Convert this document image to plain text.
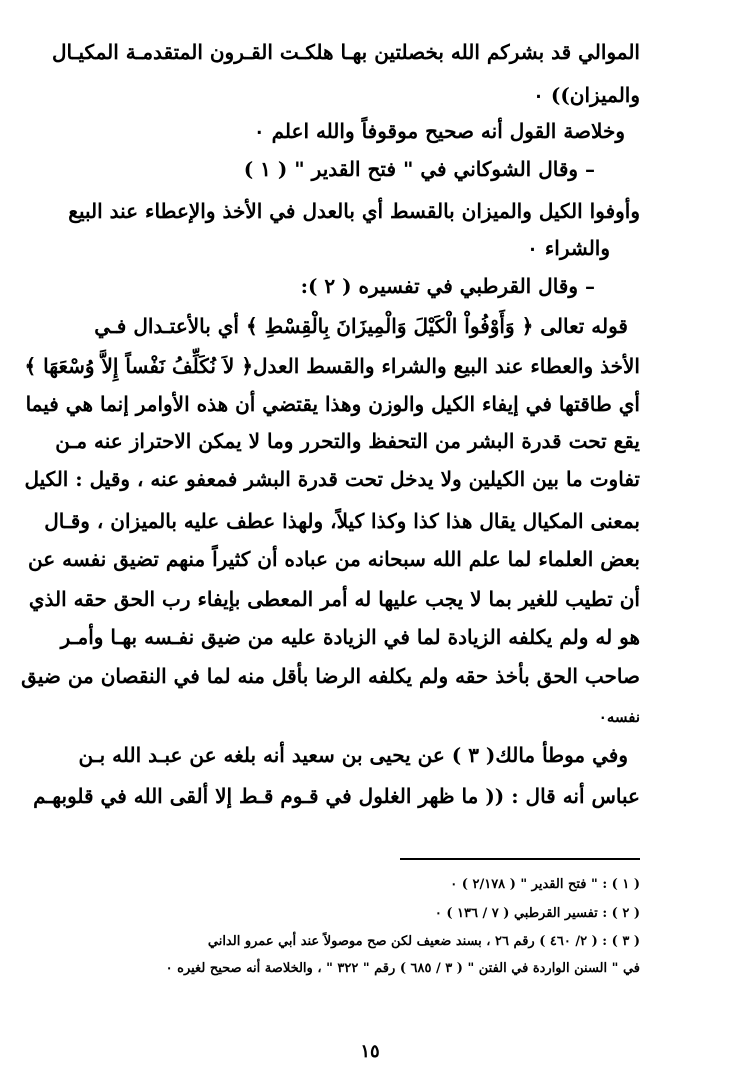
الموالي قد بشركم الله بخصلتين بهـا هلكـت القـرون المتقدمـة المكيـال
والميزان)) ٠
وخلاصة القول أنه صحيح موقوفاً والله اعلم ٠
– وقال الشوكاني في " فتح القدير " ( ١ )
وأوفوا الكيل والميزان بالقسط أي بالعدل في الأخذ والإعطاء عند البيع
والشراء ٠
– وقال القرطبي في تفسيره ( ٢ ):
قوله تعالى ﴿ وَأَوْفُواْ الْكَيْلَ وَالْمِيزَانَ بِالْقِسْطِ ﴾ أي بالأعتـدال فـي
الأخذ والعطاء عند البيع والشراء والقسط العدل﴿ لاَ نُكَلِّفُ نَفْساً إِلاَّ وُسْعَهَا ﴾
أي طاقتها في إيفاء الكيل والوزن وهذا يقتضي أن هذه الأوامر إنما هي فيما
يقع تحت قدرة البشر من التحفظ والتحرر وما لا يمكن الاحتراز عنه مـن
تفاوت ما بين الكيلين ولا يدخل تحت قدرة البشر فمعفو عنه ، وقيل : الكيل
بمعنى المكيال يقال هذا كذا وكذا كيلاً، ولهذا عطف عليه بالميزان ، وقـال
بعض العلماء لما علم الله سبحانه من عباده أن كثيراً منهم تضيق نفسه عن
أن تطيب للغير بما لا يجب عليها له أمر المعطى بإيفاء رب الحق حقه الذي
هو له ولم يكلفه الزيادة لما في الزيادة عليه من ضيق نفـسه بهـا وأمـر
صاحب الحق بأخذ حقه ولم يكلفه الرضا بأقل منه لما في النقصان من ضيق
نفسه٠
وفي موطأ مالك( ٣ ) عن يحيى بن سعيد أنه بلغه عن عبـد الله بـن
عباس أنه قال : (( ما ظهر الغلول في قـوم قـط إلا ألقى الله في قلوبهـم
( ١ ) : " فتح القدير " ( ٢/١٧٨ ) ٠
( ٢ ) : تفسير القرطبي ( ٧ / ١٣٦ ) ٠
( ٣ ) : ( ٢/ ٤٦٠ ) رقم ٢٦ ، بسند ضعيف لكن صح موصولاً عند أبي عمرو الداني
في " السنن الواردة في الفتن " ( ٣ / ٦٨٥ ) رقم " ٣٢٢ " ، والخلاصة أنه صحيح لغيره ٠
١٥
